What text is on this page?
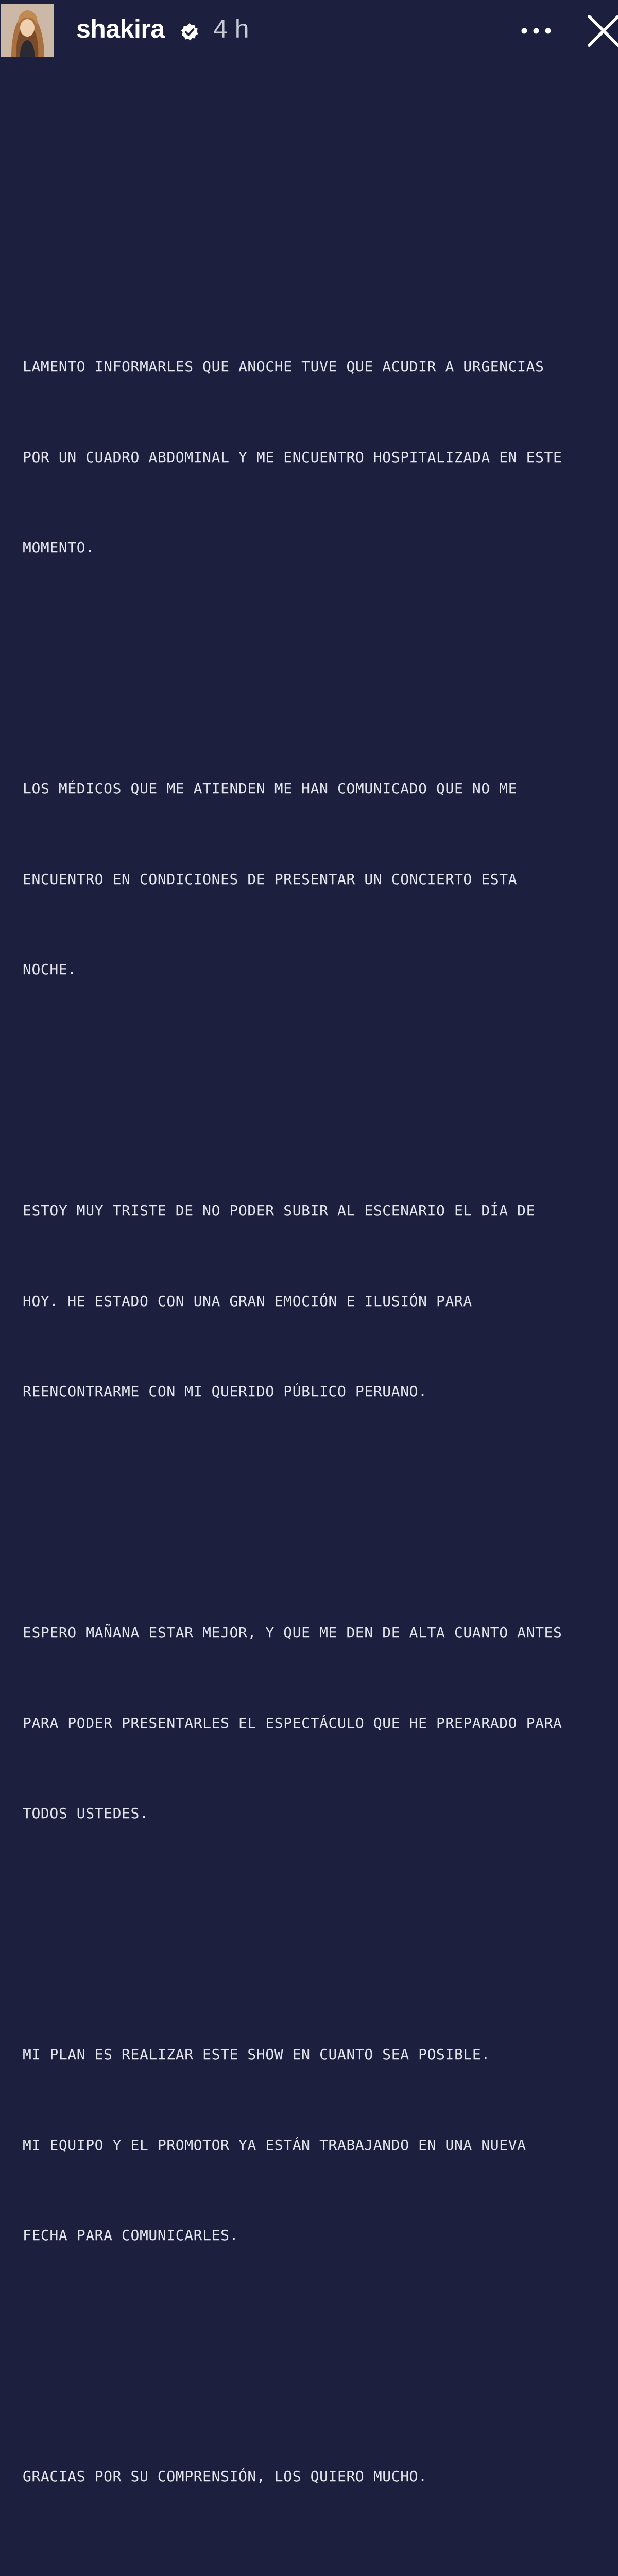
shakira 4 h

LAMENTO INFORMARLES QUE ANOCHE TUVE QUE ACUDIR A URGENCIAS

POR UN CUADRO ABDOMINAL Y ME ENCUENTRO HOSPITALIZADA EN ESTE

MOMENTO.

LOS MÉDICOS QUE ME ATIENDEN ME HAN COMUNICADO QUE NO ME

ENCUENTRO EN CONDICIONES DE PRESENTAR UN CONCIERTO ESTA

NOCHE.

ESTOY MUY TRISTE DE NO PODER SUBIR AL ESCENARIO EL DÍA DE

HOY. HE ESTADO CON UNA GRAN EMOCIÓN E ILUSIÓN PARA

REENCONTRARME CON MI QUERIDO PÚBLICO PERUANO.

ESPERO MAÑANA ESTAR MEJOR, Y QUE ME DEN DE ALTA CUANTO ANTES

PARA PODER PRESENTARLES EL ESPECTÁCULO QUE HE PREPARADO PARA

TODOS USTEDES.

MI PLAN ES REALIZAR ESTE SHOW EN CUANTO SEA POSIBLE.

MI EQUIPO Y EL PROMOTOR YA ESTÁN TRABAJANDO EN UNA NUEVA

FECHA PARA COMUNICARLES.

GRACIAS POR SU COMPRENSIÓN, LOS QUIERO MUCHO.
